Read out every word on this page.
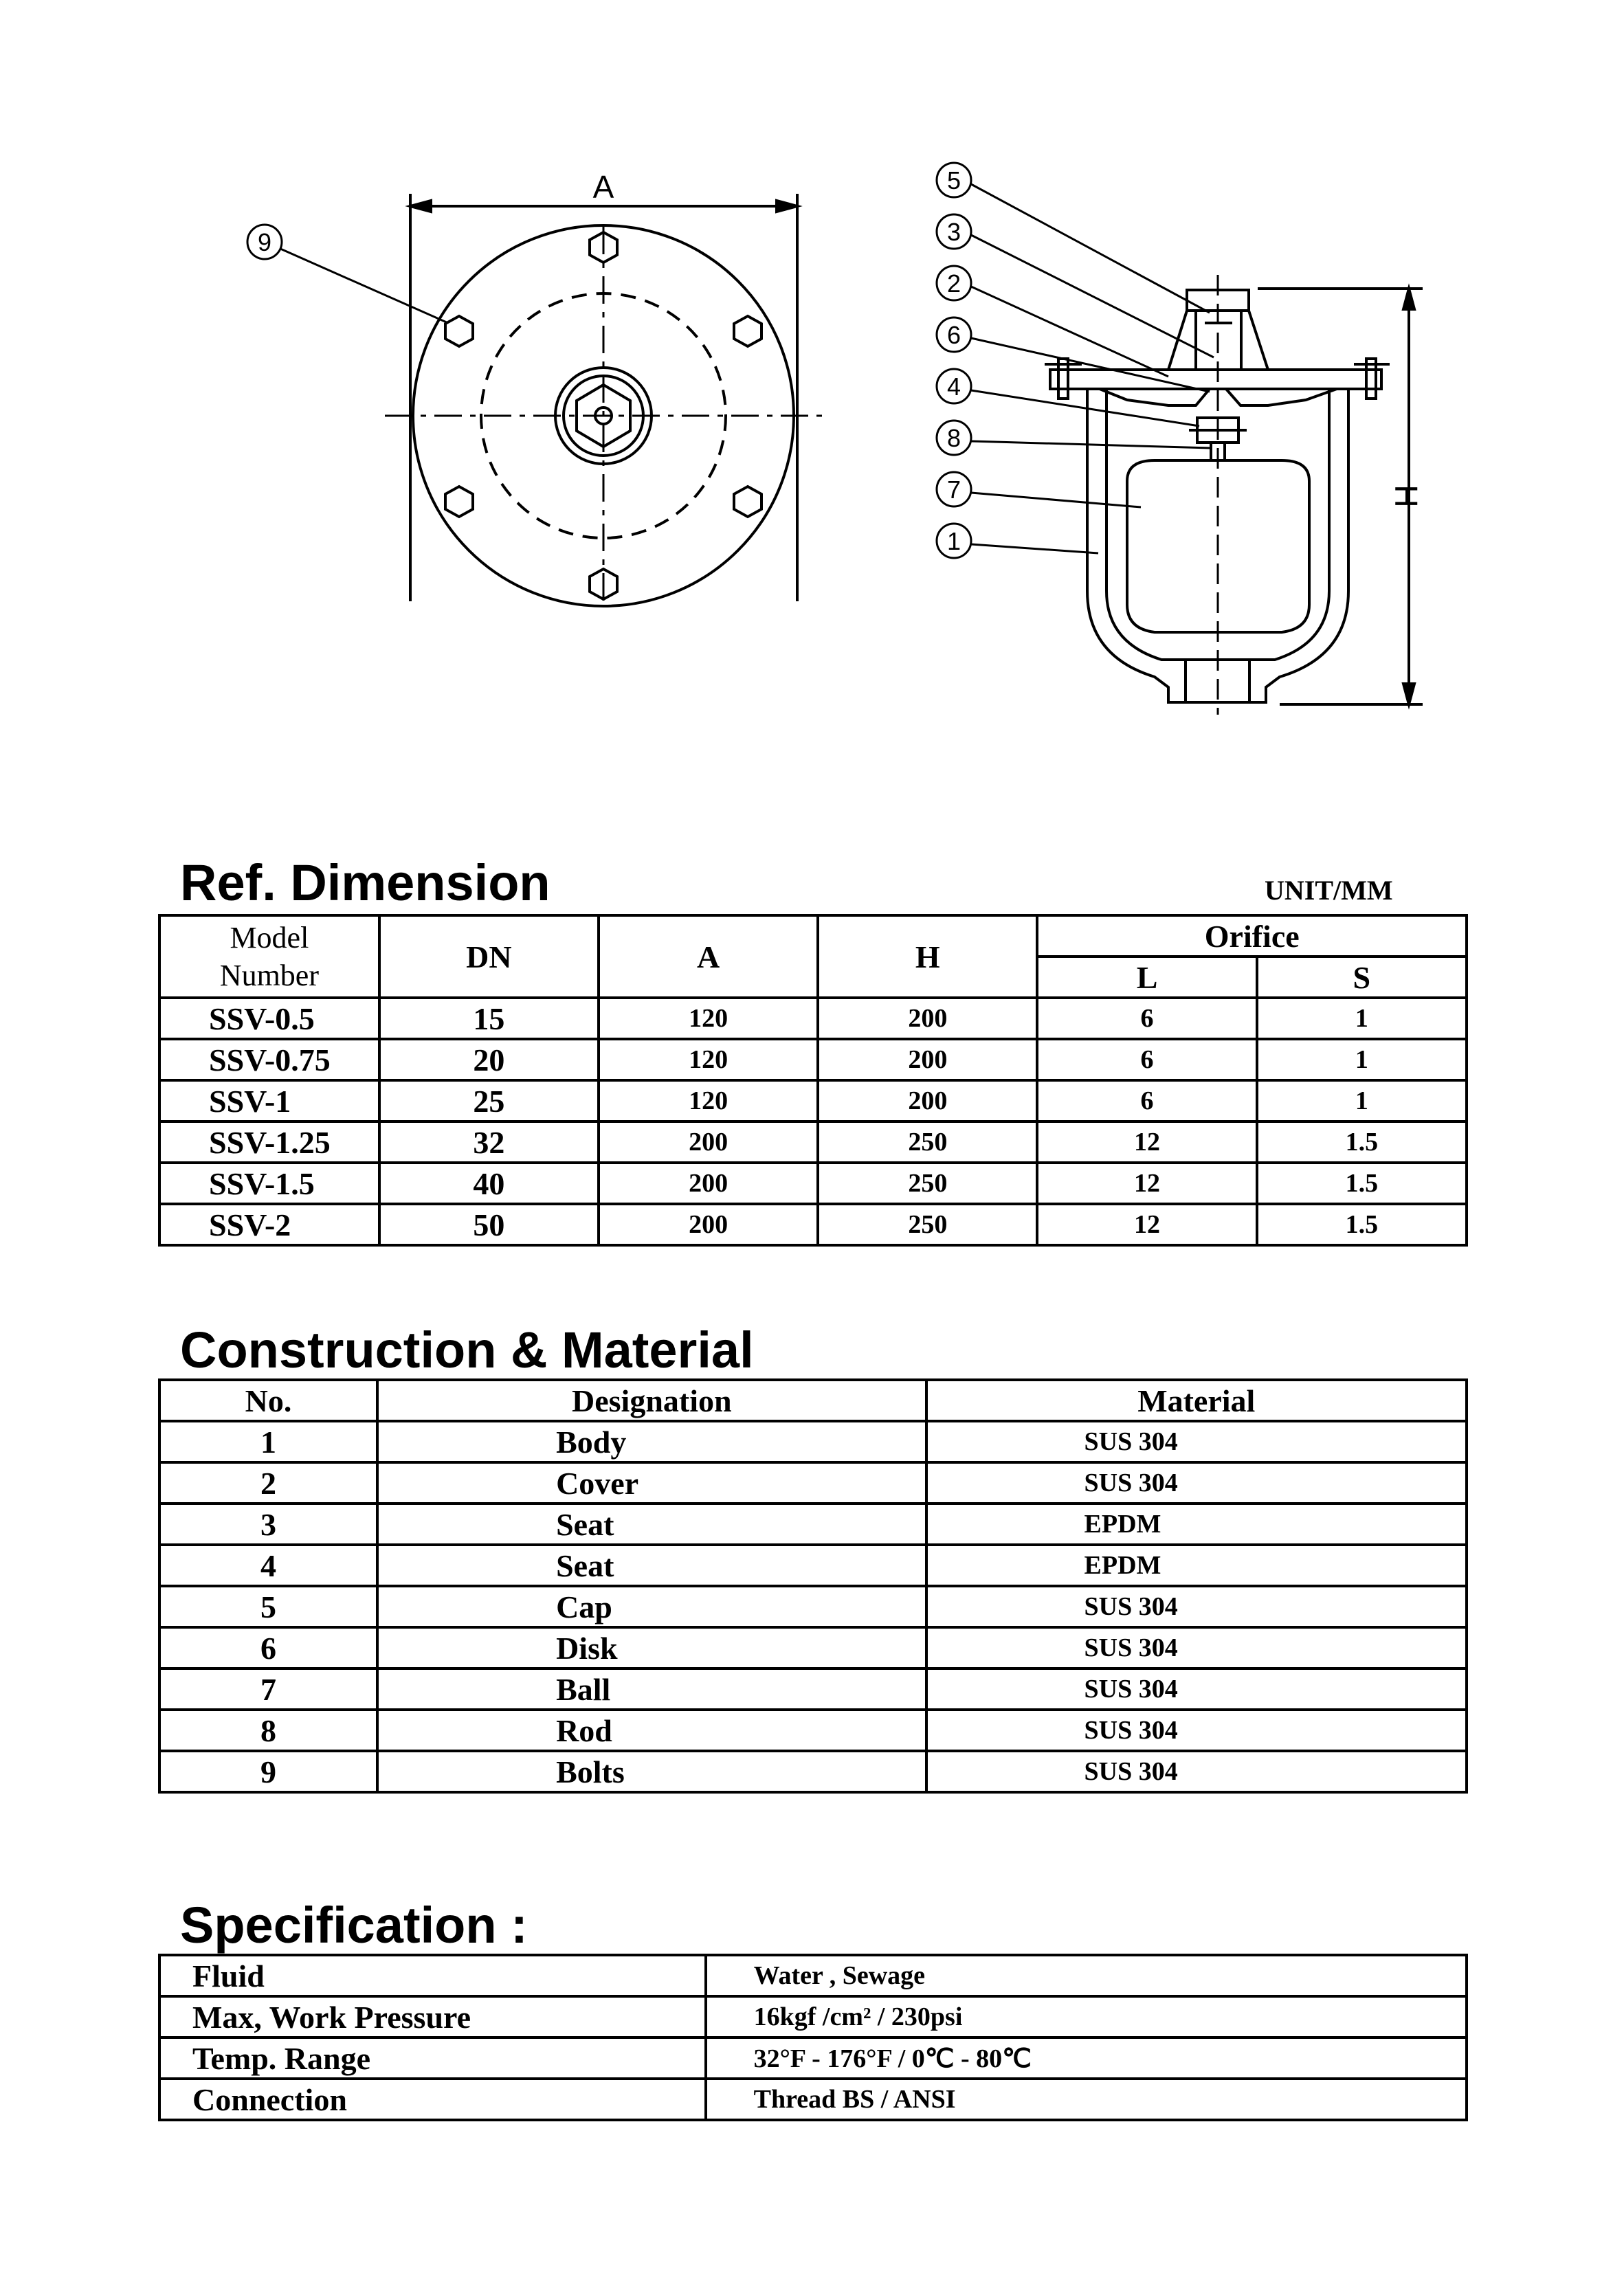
A
H
9
5
3
2
6
4
8
7
1
Ref. Dimension	UNIT/MM
Model
Number	DN	A	H	Orifice	
				L	S
SSV-0.5	15	120	200	6	1
SSV-0.75	20	120	200	6	1
SSV-1	25	120	200	6	1
SSV-1.25	32	200	250	12	1.5
SSV-1.5	40	200	250	12	1.5
SSV-2	50	200	250	12	1.5
Construction & Material
No.	Designation	Material
1	Body	SUS 304
2	Cover	SUS 304
3	Seat	EPDM
4	Seat	EPDM
5	Cap	SUS 304
6	Disk	SUS 304
7	Ball	SUS 304
8	Rod	SUS 304
9	Bolts	SUS 304
Specification :
Fluid	Water , Sewage
Max, Work Pressure	16kgf /cm² / 230psi
Temp. Range	32°F - 176°F / 0℃ - 80℃
Connection	Thread BS / ANSI
